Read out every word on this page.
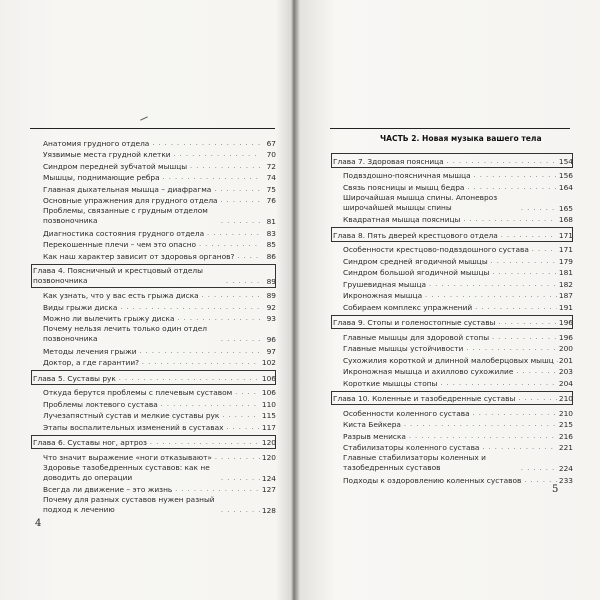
Анатомия грудного отдела . . .	67
Уязвимые места грудной клетки . . .	70
Синдром передней зубчатой мышцы . . .	72
Мышцы, поднимающие ребра . . .	74
Главная дыхательная мышца – диафрагма . . .	75
Основные упражнения для грудного отдела . . .	76
Проблемы, связанные с грудным отделом позвоночника . . .	81
Диагностика состояния грудного отдела . . .	83
Перекошенные плечи – чем это опасно . . .	85
Как наш характер зависит от здоровья органов? . . .	86
Глава 4. Поясничный и крестцовый отделы позвоночника . . .	89
Как узнать, что у вас есть грыжа диска . . .	89
Виды грыжи диска . . .	92
Можно ли вылечить грыжу диска . . .	93
Почему нельзя лечить только один отдел позвоночника . . .	96
Методы лечения грыжи . . .	97
Доктор, а где гарантии? . . .	102
Глава 5. Суставы рук . . .	106
Откуда берутся проблемы с плечевым суставом . . .	106
Проблемы локтевого сустава . . .	110
Лучезапястный сустав и мелкие суставы рук . . .	115
Этапы воспалительных изменений в суставах . . .	117
Глава 6. Суставы ног, артроз . . .	120
Что значит выражение «ноги отказывают» . . .	120
Здоровье тазобедренных суставов: как не доводить до операции . . .	124
Всегда ли движение – это жизнь . . .	127
Почему для разных суставов нужен разный подход к лечению . . .	128
4
ЧАСТЬ 2. Новая музыка вашего тела
Глава 7. Здоровая поясница . . .	154
Подвздошно-поясничная мышца . . .	156
Связь поясницы и мышц бедра . . .	164
Широчайшая мышца спины. Апоневроз широчайшей мышцы спины . . .	165
Квадратная мышца поясницы . . .	168
Глава 8. Пять дверей крестцового отдела . . .	171
Особенности крестцово-подвздошного сустава . . .	171
Синдром средней ягодичной мышцы . . .	179
Синдром большой ягодичной мышцы . . .	181
Грушевидная мышца . . .	182
Икроножная мышца . . .	187
Собираем комплекс упражнений . . .	191
Глава 9. Стопы и голеностопные суставы . . .	196
Главные мышцы для здоровой стопы . . .	196
Главные мышцы устойчивости . . .	200
Сухожилия короткой и длинной малоберцовых мышц . . . 201
Икроножная мышца и ахиллово сухожилие . . .	203
Короткие мышцы стопы . . .	204
Глава 10. Коленные и тазобедренные суставы . . .	210
Особенности коленного сустава . . .	210
Киста Бейкера . . .	215
Разрыв мениска . . .	216
Стабилизаторы коленного сустава . . .	221
Главные стабилизаторы коленных и тазобедренных суставов . . .	224
Подходы к оздоровлению коленных суставов . . .	233
5
